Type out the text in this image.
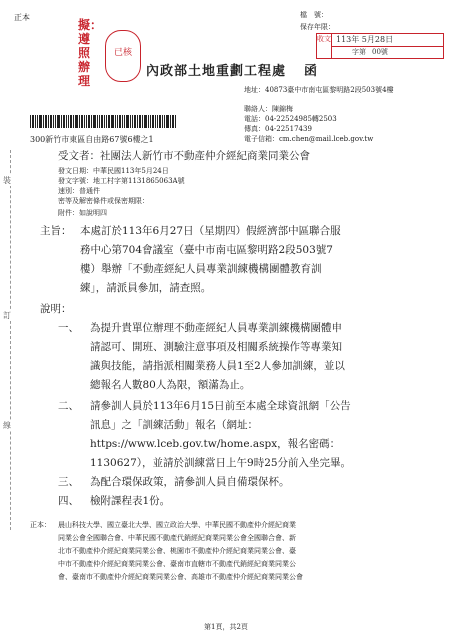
正本
裝
訂
線
擬：遵照辦理
已核
檔　號：
保存年限：
收文 113年 5月28日
字第 00號
內政部土地重劃工程處 函
地址：40873臺中市南屯區黎明路2段503號4樓
聯絡人：陳錦梅
電話：04-22524985轉2503
傳真：04-22517439
電子信箱：cm.chen@mail.lceb.gov.tw
300新竹市東區自由路67號6樓之1
受文者：社團法人新竹市不動產仲介經紀商業同業公會
發文日期：中華民國113年5月24日
發文字號：地工村字第1131865063A號
速別：普通件
密等及解密條件或保密期限：
附件：如說明四
主旨： 本處訂於113年6月27日（星期四）假經濟部中區聯合服
務中心第704會議室（臺中市南屯區黎明路2段503號7
樓）舉辦「不動產經紀人員專業訓練機構團體教育訓
練」，請派員參加，請查照。
說明：
一、 為提升貴單位辦理不動產經紀人員專業訓練機構團體申
請認可、開班、測驗注意事項及相關系統操作等專業知
識與技能，請指派相關業務人員1至2人參加訓練，並以
總報名人數80人為限，額滿為止。
二、 請參訓人員於113年6月15日前至本處全球資訊網「公告
訊息」之「訓練活動」報名（網址：
https://www.lceb.gov.tw/home.aspx，報名密碼：
1130627），並請於訓練當日上午9時25分前入坐完畢。
三、 為配合環保政策，請參訓人員自備環保杯。
四、 檢附課程表1份。
正本： 晨山科技大學、國立臺北大學、國立政治大學、中華民國不動產仲介經紀商業
同業公會全國聯合會、中華民國不動產代銷經紀商業同業公會全國聯合會、新
北市不動產仲介經紀商業同業公會、桃園市不動產仲介經紀商業同業公會、臺
中市不動產仲介經紀商業同業公會、臺南市直轄市不動產代銷經紀商業同業公
會、臺南市不動產仲介經紀商業同業公會、高雄市不動產仲介經紀商業同業公會
第1頁，共2頁
